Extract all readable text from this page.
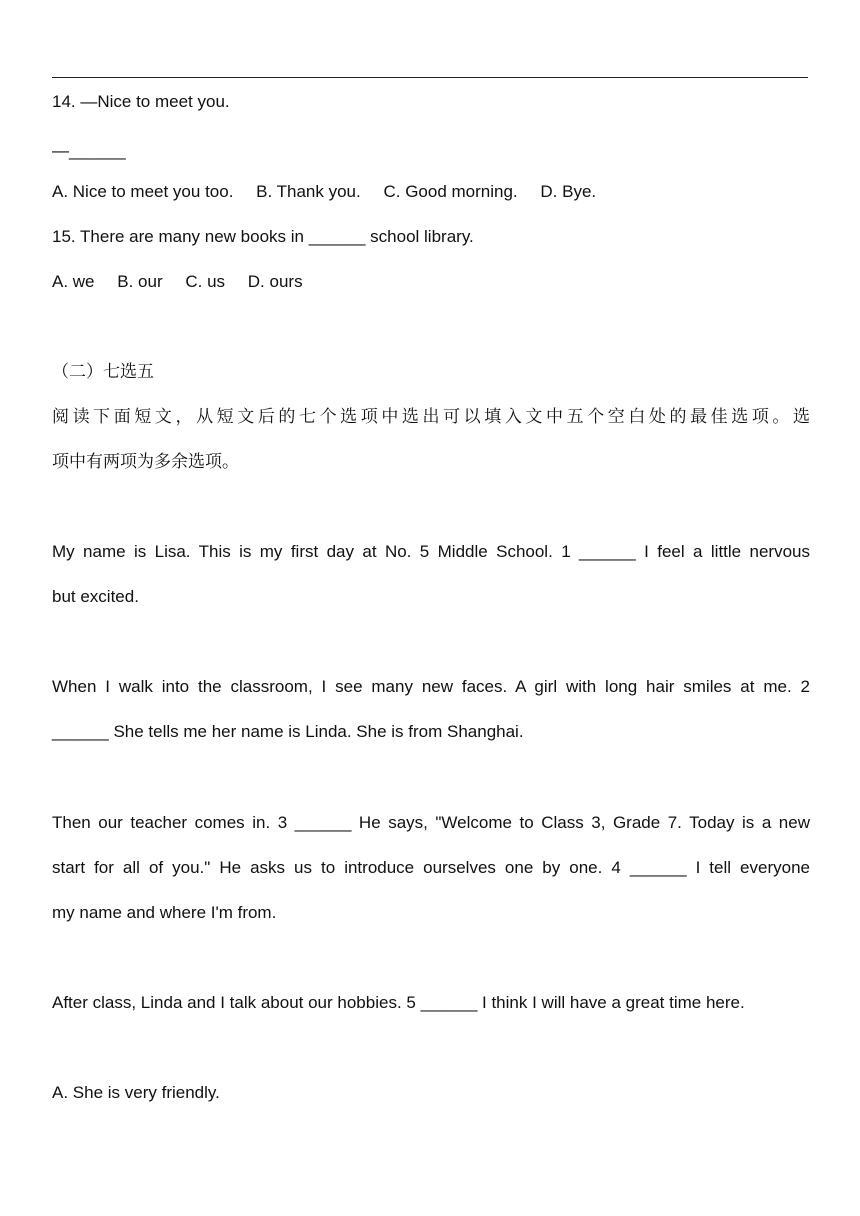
14. —Nice to meet you.
—______
A. Nice to meet you too. B. Thank you. C. Good morning. D. Bye.
15. There are many new books in ______ school library.
A. we B. our C. us D. ours
（二）七选五
阅读下面短文，从短文后的七个选项中选出可以填入文中五个空白处的最佳选项。选
项中有两项为多余选项。
My name is Lisa. This is my first day at No. 5 Middle School. 1 ______ I feel a little nervous
but excited.
When I walk into the classroom, I see many new faces. A girl with long hair smiles at me. 2
______ She tells me her name is Linda. She is from Shanghai.
Then our teacher comes in. 3 ______ He says, "Welcome to Class 3, Grade 7. Today is a new
start for all of you." He asks us to introduce ourselves one by one. 4 ______ I tell everyone
my name and where I'm from.
After class, Linda and I talk about our hobbies. 5 ______ I think I will have a great time here.
A. She is very friendly.
